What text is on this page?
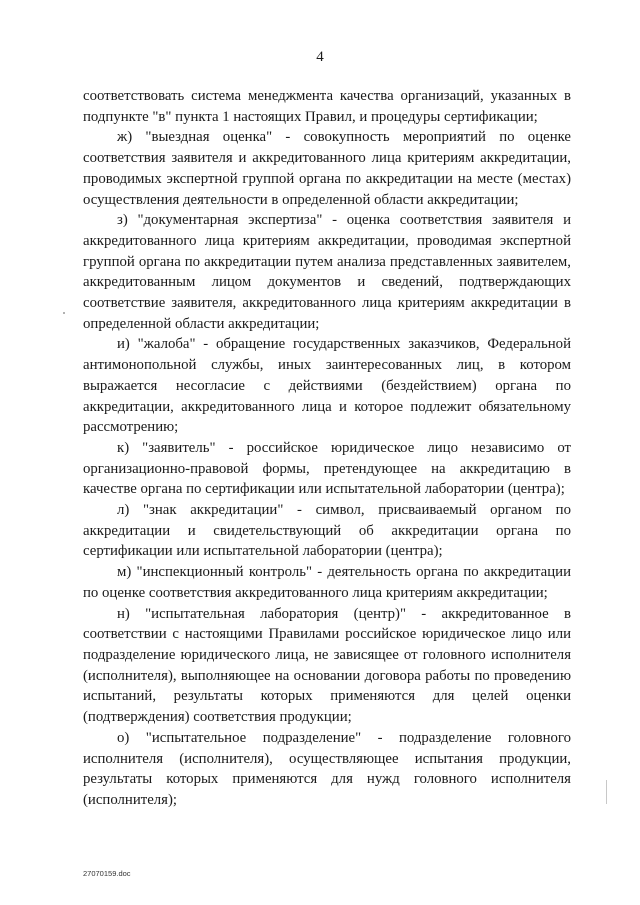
4

соответствовать система менеджмента качества организаций, указанных в подпункте "в" пункта 1 настоящих Правил, и процедуры сертификации;

ж) "выездная оценка" - совокупность мероприятий по оценке соответствия заявителя и аккредитованного лица критериям аккредитации, проводимых экспертной группой органа по аккредитации на месте (местах) осуществления деятельности в определенной области аккредитации;

з) "документарная экспертиза" - оценка соответствия заявителя и аккредитованного лица критериям аккредитации, проводимая экспертной группой органа по аккредитации путем анализа представленных заявителем, аккредитованным лицом документов и сведений, подтверждающих соответствие заявителя, аккредитованного лица критериям аккредитации в определенной области аккредитации;

и) "жалоба" - обращение государственных заказчиков, Федеральной антимонопольной службы, иных заинтересованных лиц, в котором выражается несогласие с действиями (бездействием) органа по аккредитации, аккредитованного лица и которое подлежит обязательному рассмотрению;

к) "заявитель" - российское юридическое лицо независимо от организационно-правовой формы, претендующее на аккредитацию в качестве органа по сертификации или испытательной лаборатории (центра);

л) "знак аккредитации" - символ, присваиваемый органом по аккредитации и свидетельствующий об аккредитации органа по сертификации или испытательной лаборатории (центра);

м) "инспекционный контроль" - деятельность органа по аккредитации по оценке соответствия аккредитованного лица критериям аккредитации;

н) "испытательная лаборатория (центр)" - аккредитованное в соответствии с настоящими Правилами российское юридическое лицо или подразделение юридического лица, не зависящее от головного исполнителя (исполнителя), выполняющее на основании договора работы по проведению испытаний, результаты которых применяются для целей оценки (подтверждения) соответствия продукции;

о) "испытательное подразделение" - подразделение головного исполнителя (исполнителя), осуществляющее испытания продукции, результаты которых применяются для нужд головного исполнителя (исполнителя);

27070159.doc
